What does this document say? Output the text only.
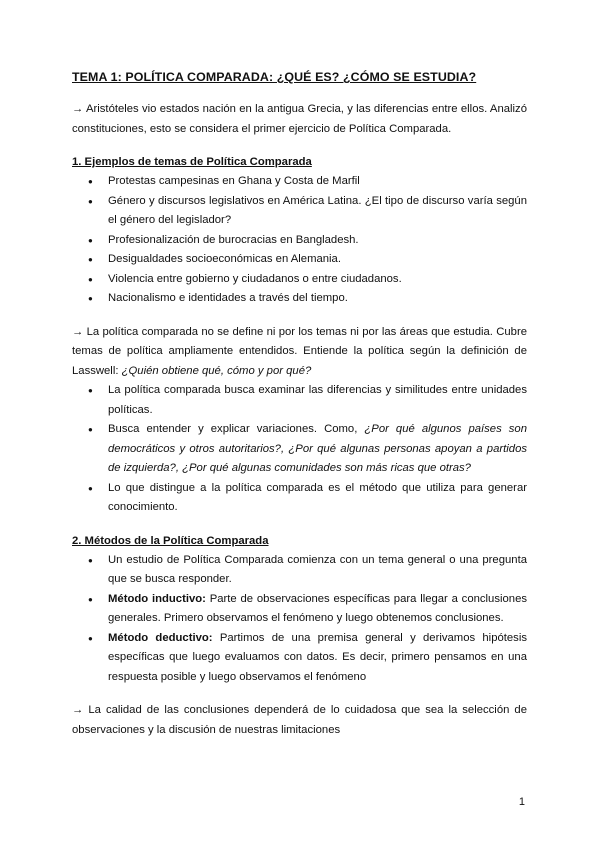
TEMA 1: POLÍTICA COMPARADA: ¿QUÉ ES? ¿CÓMO SE ESTUDIA?

→ Aristóteles vio estados nación en la antigua Grecia, y las diferencias entre ellos. Analizó constituciones, esto se considera el primer ejercicio de Política Comparada.

1. Ejemplos de temas de Política Comparada
● Protestas campesinas en Ghana y Costa de Marfil
● Género y discursos legislativos en América Latina. ¿El tipo de discurso varía según el género del legislador?
● Profesionalización de burocracias en Bangladesh.
● Desigualdades socioeconómicas en Alemania.
● Violencia entre gobierno y ciudadanos o entre ciudadanos.
● Nacionalismo e identidades a través del tiempo.

→ La política comparada no se define ni por los temas ni por las áreas que estudia. Cubre temas de política ampliamente entendidos. Entiende la política según la definición de Lasswell: ¿Quién obtiene qué, cómo y por qué?

● La política comparada busca examinar las diferencias y similitudes entre unidades políticas.
● Busca entender y explicar variaciones. Como, ¿Por qué algunos países son democráticos y otros autoritarios?, ¿Por qué algunas personas apoyan a partidos de izquierda?, ¿Por qué algunas comunidades son más ricas que otras?
● Lo que distingue a la política comparada es el método que utiliza para generar conocimiento.
2. Métodos de la Política Comparada
● Un estudio de Política Comparada comienza con un tema general o una pregunta que se busca responder.
● Método inductivo: Parte de observaciones específicas para llegar a conclusiones generales. Primero observamos el fenómeno y luego obtenemos conclusiones.
● Método deductivo: Partimos de una premisa general y derivamos hipótesis específicas que luego evaluamos con datos. Es decir, primero pensamos en una respuesta posible y luego observamos el fenómeno

→ La calidad de las conclusiones dependerá de lo cuidadosa que sea la selección de observaciones y la discusión de nuestras limitaciones

1
